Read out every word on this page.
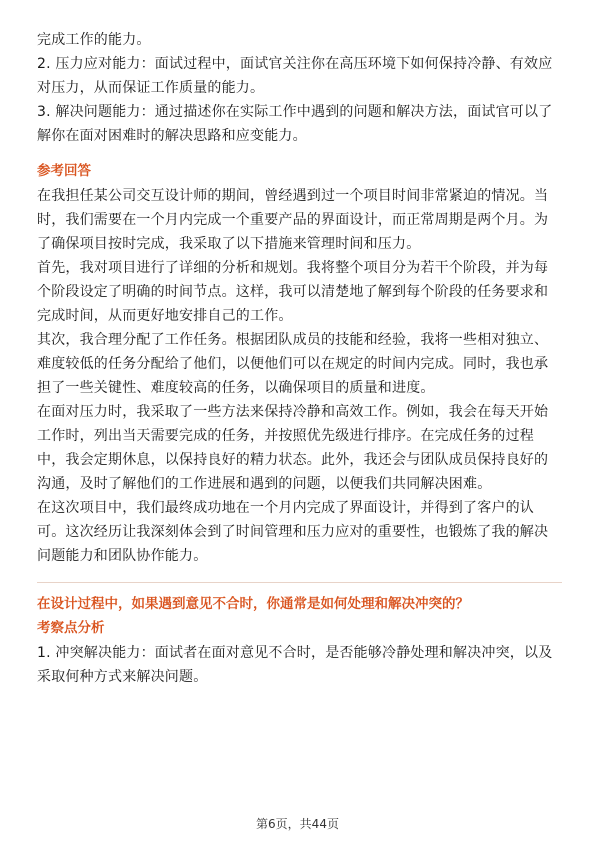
完成工作的能力。

2. 压力应对能力：面试过程中，面试官关注你在高压环境下如何保持冷静、有效应对压力，从而保证工作质量的能力。

3. 解决问题能力：通过描述你在实际工作中遇到的问题和解决方法，面试官可以了解你在面对困难时的解决思路和应变能力。

参考回答

在我担任某公司交互设计师的期间，曾经遇到过一个项目时间非常紧迫的情况。当时，我们需要在一个月内完成一个重要产品的界面设计，而正常周期是两个月。为了确保项目按时完成，我采取了以下措施来管理时间和压力。

首先，我对项目进行了详细的分析和规划。我将整个项目分为若干个阶段，并为每个阶段设定了明确的时间节点。这样，我可以清楚地了解到每个阶段的任务要求和完成时间，从而更好地安排自己的工作。

其次，我合理分配了工作任务。根据团队成员的技能和经验，我将一些相对独立、难度较低的任务分配给了他们，以便他们可以在规定的时间内完成。同时，我也承担了一些关键性、难度较高的任务，以确保项目的质量和进度。

在面对压力时，我采取了一些方法来保持冷静和高效工作。例如，我会在每天开始工作时，列出当天需要完成的任务，并按照优先级进行排序。在完成任务的过程中，我会定期休息，以保持良好的精力状态。此外，我还会与团队成员保持良好的沟通，及时了解他们的工作进展和遇到的问题，以便我们共同解决困难。

在这次项目中，我们最终成功地在一个月内完成了界面设计，并得到了客户的认可。这次经历让我深刻体会到了时间管理和压力应对的重要性，也锻炼了我的解决问题能力和团队协作能力。

在设计过程中，如果遇到意见不合时，你通常是如何处理和解决冲突的？
考察点分析

1. 冲突解决能力：面试者在面对意见不合时，是否能够冷静处理和解决冲突，以及采取何种方式来解决问题。

第6页，共44页
